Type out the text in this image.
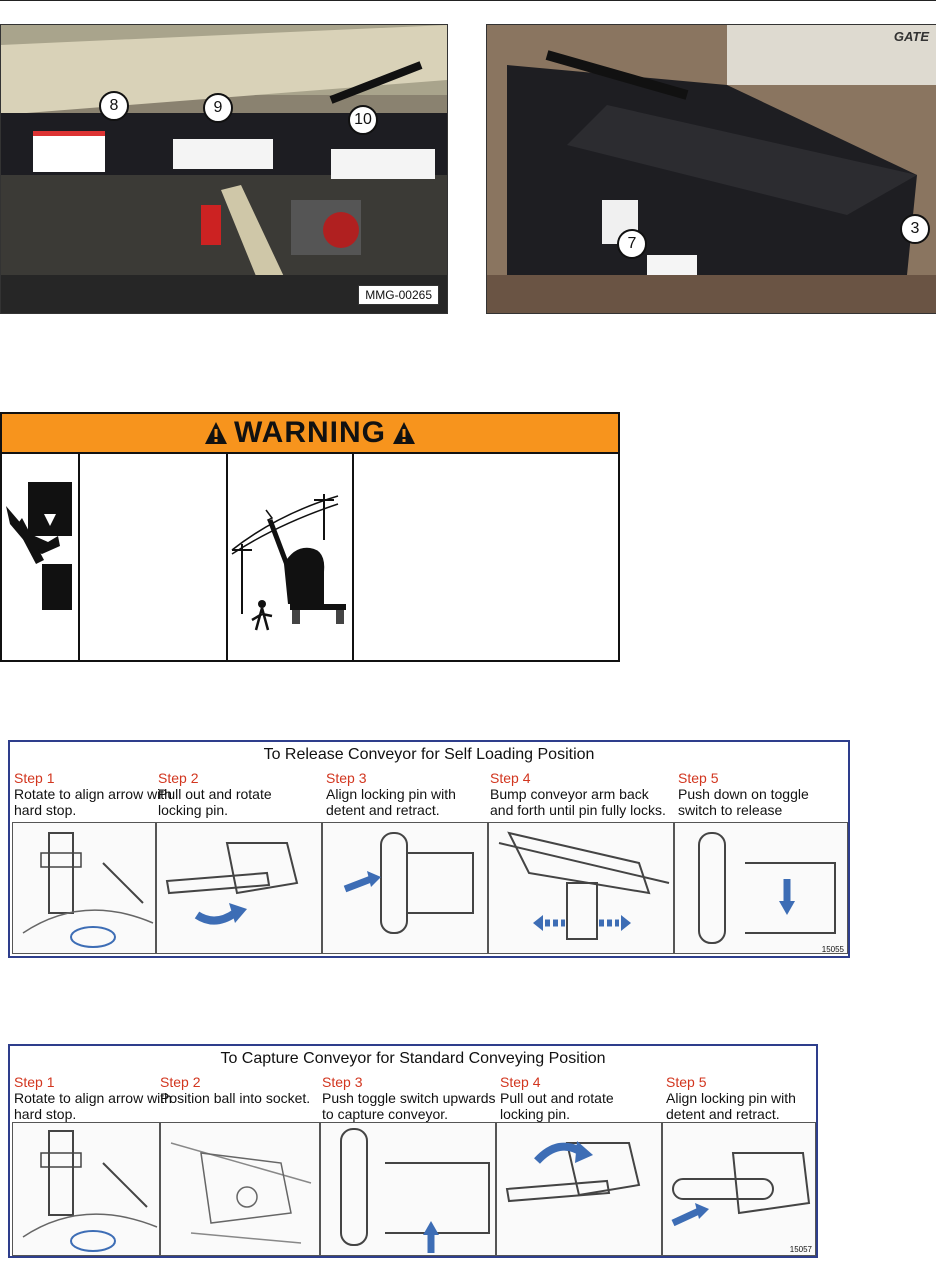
8	9
10
MMG-00265
GATE
7
3
WARNING
To Release Conveyor for Self Loading Position
Step 1
Rotate to align arrow with hard stop.
Step 2
Pull out and rotate locking pin.
Step 3
Align locking pin with detent and retract.
Step 4
Bump conveyor arm back and forth until pin fully locks.
Step 5
Push down on toggle switch to release
15055
To Capture Conveyor for Standard Conveying Position
Step 1
Rotate to align arrow with hard stop.
Step 2
Position ball into socket.
Step 3
Push toggle switch upwards to capture conveyor.
Step 4
Pull out and rotate locking pin.
Step 5
Align locking pin with detent and retract.
15057
